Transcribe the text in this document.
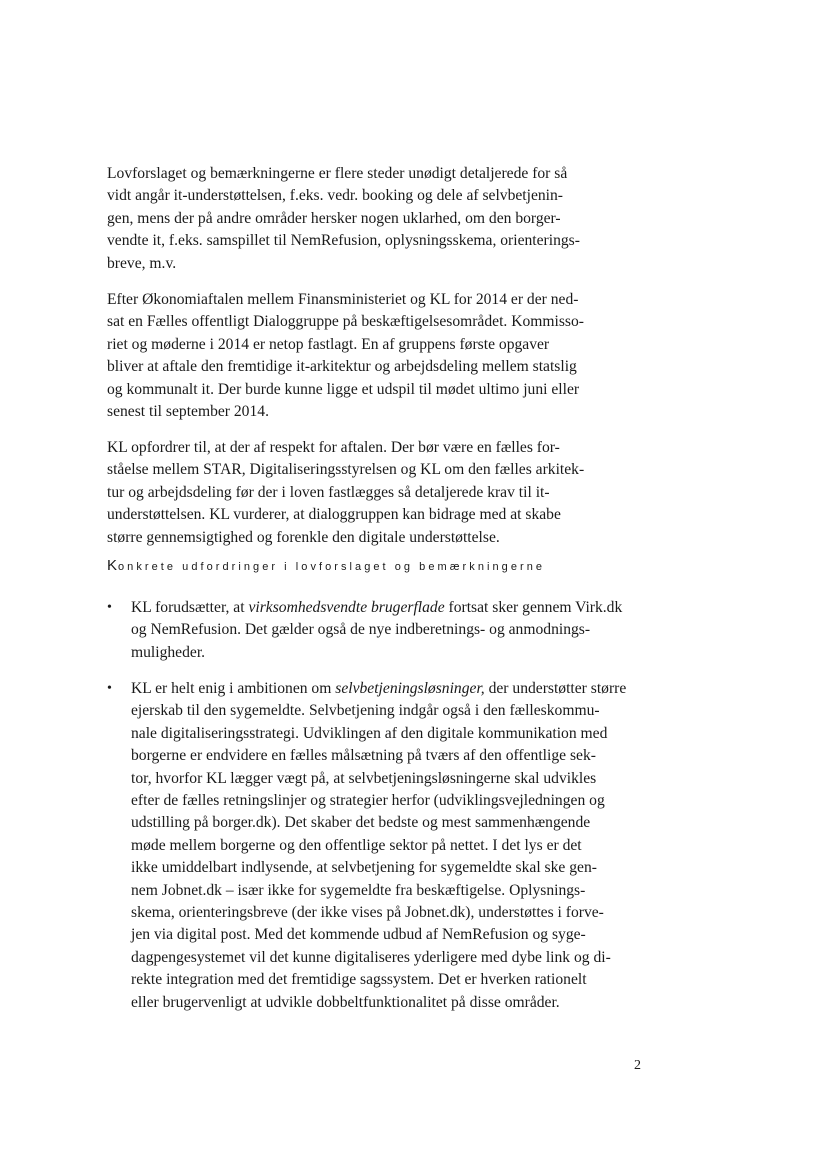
Lovforslaget og bemærkningerne er flere steder unødigt detaljerede for så
vidt angår it-understøttelsen, f.eks. vedr. booking og dele af selvbetjenin-
gen, mens der på andre områder hersker nogen uklarhed, om den borger-
vendte it, f.eks. samspillet til NemRefusion, oplysningsskema, orienterings-
breve, m.v.
Efter Økonomiaftalen mellem Finansministeriet og KL for 2014 er der ned-
sat en Fælles offentligt Dialoggruppe på beskæftigelsesområdet. Kommisso-
riet og møderne i 2014 er netop fastlagt. En af gruppens første opgaver
bliver at aftale den fremtidige it-arkitektur og arbejdsdeling mellem statslig
og kommunalt it. Der burde kunne ligge et udspil til mødet ultimo juni eller
senest til september 2014.
KL opfordrer til, at der af respekt for aftalen. Der bør være en fælles for-
ståelse mellem STAR, Digitaliseringsstyrelsen og KL om den fælles arkitek-
tur og arbejdsdeling før der i loven fastlægges så detaljerede krav til it-
understøttelsen. KL vurderer, at dialoggruppen kan bidrage med at skabe
større gennemsigtighed og forenkle den digitale understøttelse.

Konkrete udfordringer i lovforslaget og bemærkningerne

•	KL forudsætter, at virksomhedsvendte brugerflade fortsat sker gennem Virk.dk
og NemRefusion. Det gælder også de nye indberetnings- og anmodnings-
muligheder.
•	KL er helt enig i ambitionen om selvbetjeningsløsninger, der understøtter større
ejerskab til den sygemeldte. Selvbetjening indgår også i den fælleskommu-
nale digitaliseringsstrategi. Udviklingen af den digitale kommunikation med
borgerne er endvidere en fælles målsætning på tværs af den offentlige sek-
tor, hvorfor KL lægger vægt på, at selvbetjeningsløsningerne skal udvikles
efter de fælles retningslinjer og strategier herfor (udviklingsvejledningen og
udstilling på borger.dk). Det skaber det bedste og mest sammenhængende
møde mellem borgerne og den offentlige sektor på nettet. I det lys er det
ikke umiddelbart indlysende, at selvbetjening for sygemeldte skal ske gen-
nem Jobnet.dk – især ikke for sygemeldte fra beskæftigelse. Oplysnings-
skema, orienteringsbreve (der ikke vises på Jobnet.dk), understøttes i forve-
jen via digital post. Med det kommende udbud af NemRefusion og syge-
dagpengesystemet vil det kunne digitaliseres yderligere med dybe link og di-
rekte integration med det fremtidige sagssystem. Det er hverken rationelt
eller brugervenligt at udvikle dobbeltfunktionalitet på disse områder.

2
